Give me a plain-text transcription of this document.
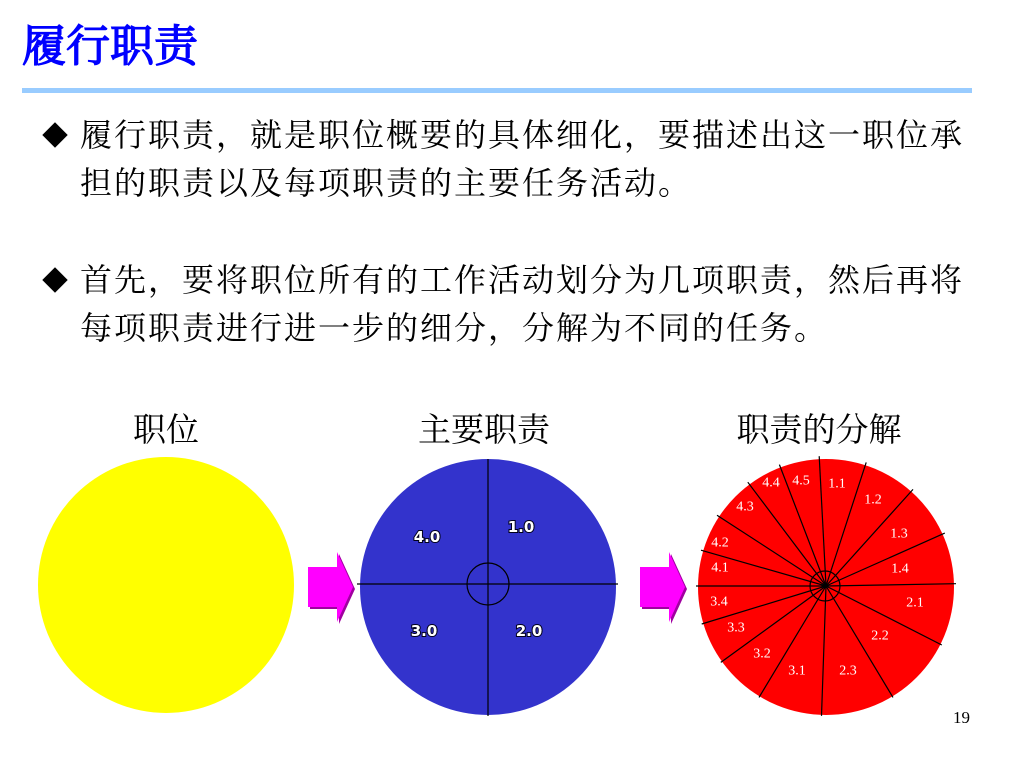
履行职责
履行职责，就是职位概要的具体细化，要描述出这一职位承
担的职责以及每项职责的主要任务活动。
首先，要将职位所有的工作活动划分为几项职责，然后再将
每项职责进行进一步的细分，分解为不同的任务。
1.0
2.0
3.0
4.0
1.1
1.2
1.3
1.4
2.1
2.2
2.3
3.1
3.2
3.3
3.4
4.1
4.2
4.3
4.4 4.5
职位	主要职责	职责的分解
19
